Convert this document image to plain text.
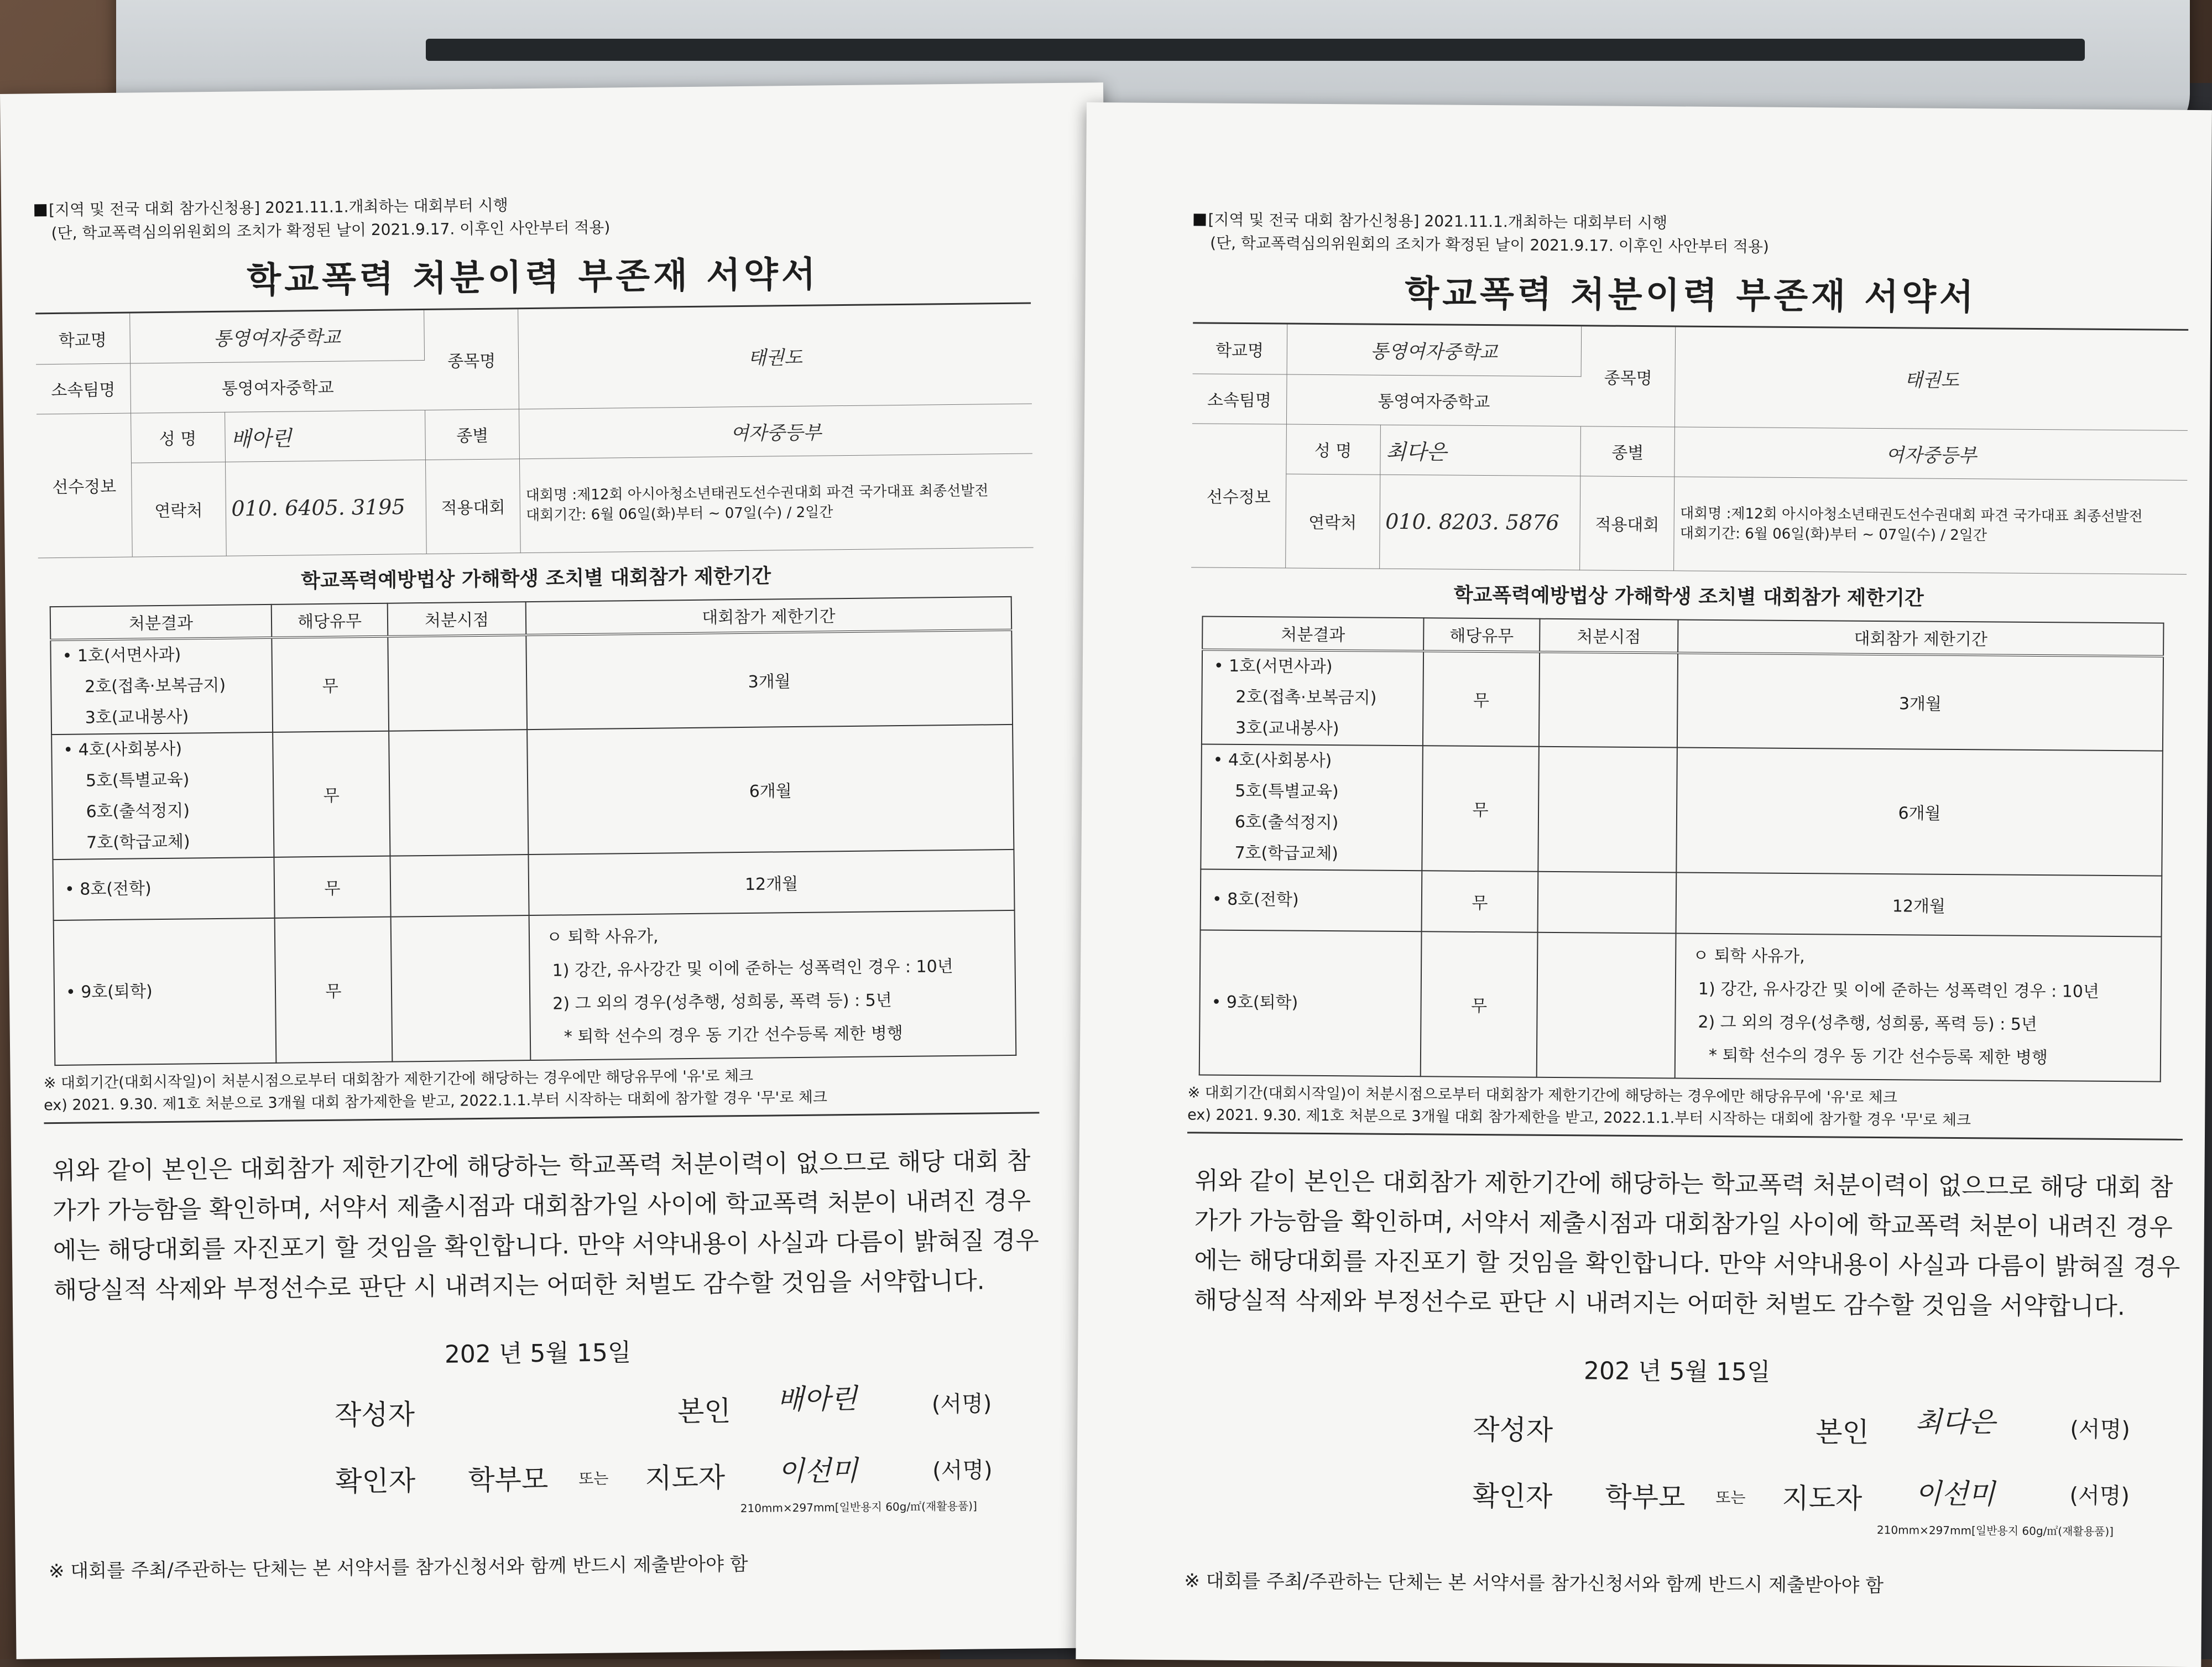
[지역 및 전국 대회 참가신청용] 2021.11.1.개최하는 대회부터 시행
(단, 학교폭력심의위원회의 조치가 확정된 날이 2021.9.17. 이후인 사안부터 적용)
학교폭력 처분이력 부존재 서약서
학교명	통영여자중학교		종목명	태권도
소속팀명	통영여자중학교			
선수정보	성 명	배아린	종별	여자중등부
	연락처	010. 6405. 3195	적용대회	대회명 :제12회 아시아청소년태권도선수권대회 파견 국가대표 최종선발전
대회기간: 6월 06일(화)부터 ~ 07일(수) / 2일간
학교폭력예방법상 가해학생 조치별 대회참가 제한기간
처분결과	해당유무	처분시점	대회참가 제한기간

• 1호(서면사과)
2호(접촉·보복금지)
3호(교내봉사)	무		3개월

• 4호(사회봉사)
5호(특별교육)
6호(출석정지)
7호(학급교체)	무		6개월
• 8호(전학)	무		12개월
• 9호(퇴학)	무		ㅇ 퇴학 사유가,
1) 강간, 유사강간 및 이에 준하는 성폭력인 경우 : 10년
2) 그 외의 경우(성추행, 성희롱, 폭력 등) : 5년
* 퇴학 선수의 경우 동 기간 선수등록 제한 병행
※ 대회기간(대회시작일)이 처분시점으로부터 대회참가 제한기간에 해당하는 경우에만 해당유무에 '유'로 체크
ex) 2021. 9.30. 제1호 처분으로 3개월 대회 참가제한을 받고, 2022.1.1.부터 시작하는 대회에 참가할 경우 '무'로 체크
위와 같이 본인은 대회참가 제한기간에 해당하는 학교폭력 처분이력이 없으므로 해당 대회 참가가 가능함을 확인하며, 서약서 제출시점과 대회참가일 사이에 학교폭력 처분이 내려진 경우에는 해당대회를 자진포기 할 것임을 확인합니다. 만약 서약내용이 사실과 다름이 밝혀질 경우 해당실적 삭제와 부정선수로 판단 시 내려지는 어떠한 처벌도 감수할 것임을 서약합니다.
202 년 5월 15일
작성자	본인 배아린	(서명)
확인자 학부모 또는 지도자 이선미	(서명)
210mm×297mm[일반용지 60g/㎡(재활용품)]
※ 대회를 주최/주관하는 단체는 본 서약서를 참가신청서와 함께 반드시 제출받아야 함
[지역 및 전국 대회 참가신청용] 2021.11.1.개최하는 대회부터 시행
(단, 학교폭력심의위원회의 조치가 확정된 날이 2021.9.17. 이후인 사안부터 적용)
학교폭력 처분이력 부존재 서약서
학교명	통영여자중학교		종목명	태권도
소속팀명	통영여자중학교			
선수정보	성 명	최다은	종별	여자중등부
	연락처	010. 8203. 5876	적용대회	대회명 :제12회 아시아청소년태권도선수권대회 파견 국가대표 최종선발전
대회기간: 6월 06일(화)부터 ~ 07일(수) / 2일간
학교폭력예방법상 가해학생 조치별 대회참가 제한기간
처분결과	해당유무	처분시점	대회참가 제한기간

• 1호(서면사과)
2호(접촉·보복금지)
3호(교내봉사)	무		3개월

• 4호(사회봉사)
5호(특별교육)
6호(출석정지)
7호(학급교체)	무		6개월
• 8호(전학)	무		12개월
• 9호(퇴학)	무		ㅇ 퇴학 사유가,
1) 강간, 유사강간 및 이에 준하는 성폭력인 경우 : 10년
2) 그 외의 경우(성추행, 성희롱, 폭력 등) : 5년
* 퇴학 선수의 경우 동 기간 선수등록 제한 병행
※ 대회기간(대회시작일)이 처분시점으로부터 대회참가 제한기간에 해당하는 경우에만 해당유무에 '유'로 체크
ex) 2021. 9.30. 제1호 처분으로 3개월 대회 참가제한을 받고, 2022.1.1.부터 시작하는 대회에 참가할 경우 '무'로 체크
위와 같이 본인은 대회참가 제한기간에 해당하는 학교폭력 처분이력이 없으므로 해당 대회 참가가 가능함을 확인하며, 서약서 제출시점과 대회참가일 사이에 학교폭력 처분이 내려진 경우에는 해당대회를 자진포기 할 것임을 확인합니다. 만약 서약내용이 사실과 다름이 밝혀질 경우 해당실적 삭제와 부정선수로 판단 시 내려지는 어떠한 처벌도 감수할 것임을 서약합니다.
202 년 5월 15일
작성자	본인 최다은	(서명)
확인자 학부모 또는 지도자 이선미	(서명)
210mm×297mm[일반용지 60g/㎡(재활용품)]
※ 대회를 주최/주관하는 단체는 본 서약서를 참가신청서와 함께 반드시 제출받아야 함
